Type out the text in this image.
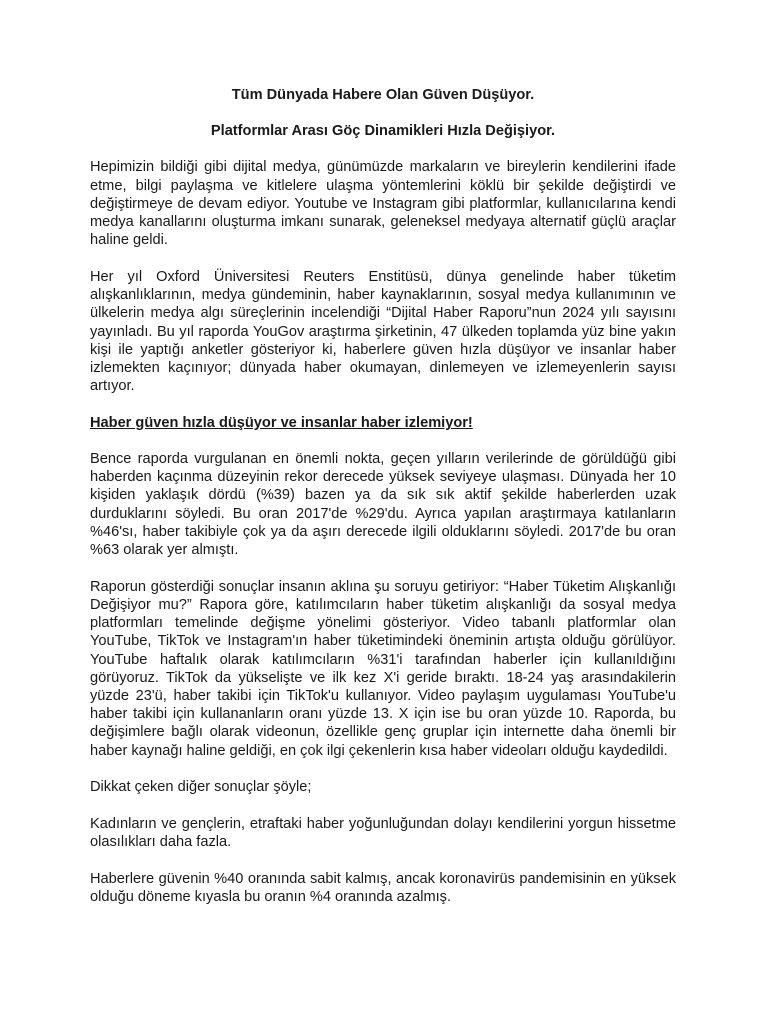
Tüm Dünyada Habere Olan Güven Düşüyor.
Platformlar Arası Göç Dinamikleri Hızla Değişiyor.

Hepimizin bildiği gibi dijital medya, günümüzde markaların ve bireylerin kendilerini ifade etme, bilgi paylaşma ve kitlelere ulaşma yöntemlerini köklü bir şekilde değiştirdi ve değiştirmeye de devam ediyor. Youtube ve Instagram gibi platformlar, kullanıcılarına kendi medya kanallarını oluşturma imkanı sunarak, geleneksel medyaya alternatif güçlü araçlar haline geldi.

Her yıl Oxford Üniversitesi Reuters Enstitüsü, dünya genelinde haber tüketim alışkanlıklarının, medya gündeminin, haber kaynaklarının, sosyal medya kullanımının ve ülkelerin medya algı süreçlerinin incelendiği “Dijital Haber Raporu”nun 2024 yılı sayısını yayınladı. Bu yıl raporda YouGov araştırma şirketinin, 47 ülkeden toplamda yüz bine yakın kişi ile yaptığı anketler gösteriyor ki, haberlere güven hızla düşüyor ve insanlar haber izlemekten kaçınıyor; dünyada haber okumayan, dinlemeyen ve izlemeyenlerin sayısı artıyor.

Haber güven hızla düşüyor ve insanlar haber izlemiyor!

Bence raporda vurgulanan en önemli nokta, geçen yılların verilerinde de görüldüğü gibi haberden kaçınma düzeyinin rekor derecede yüksek seviyeye ulaşması. Dünyada her 10 kişiden yaklaşık dördü (%39) bazen ya da sık sık aktif şekilde haberlerden uzak durduklarını söyledi. Bu oran 2017'de %29'du. Ayrıca yapılan araştırmaya katılanların %46'sı, haber takibiyle çok ya da aşırı derecede ilgili olduklarını söyledi. 2017'de bu oran %63 olarak yer almıştı.

Raporun gösterdiği sonuçlar insanın aklına şu soruyu getiriyor: “Haber Tüketim Alışkanlığı Değişiyor mu?” Rapora göre, katılımcıların haber tüketim alışkanlığı da sosyal medya platformları temelinde değişme yönelimi gösteriyor. Video tabanlı platformlar olan YouTube, TikTok ve Instagram'ın haber tüketimindeki öneminin artışta olduğu görülüyor. YouTube haftalık olarak katılımcıların %31'i tarafından haberler için kullanıldığını görüyoruz. TikTok da yükselişte ve ilk kez X'i geride bıraktı. 18-24 yaş arasındakilerin yüzde 23'ü, haber takibi için TikTok'u kullanıyor. Video paylaşım uygulaması YouTube'u haber takibi için kullananların oranı yüzde 13. X için ise bu oran yüzde 10. Raporda, bu değişimlere bağlı olarak videonun, özellikle genç gruplar için internette daha önemli bir haber kaynağı haline geldiği, en çok ilgi çekenlerin kısa haber videoları olduğu kaydedildi.

Dikkat çeken diğer sonuçlar şöyle;

Kadınların ve gençlerin, etraftaki haber yoğunluğundan dolayı kendilerini yorgun hissetme olasılıkları daha fazla.

Haberlere güvenin %40 oranında sabit kalmış, ancak koronavirüs pandemisinin en yüksek olduğu döneme kıyasla bu oranın %4 oranında azalmış.
